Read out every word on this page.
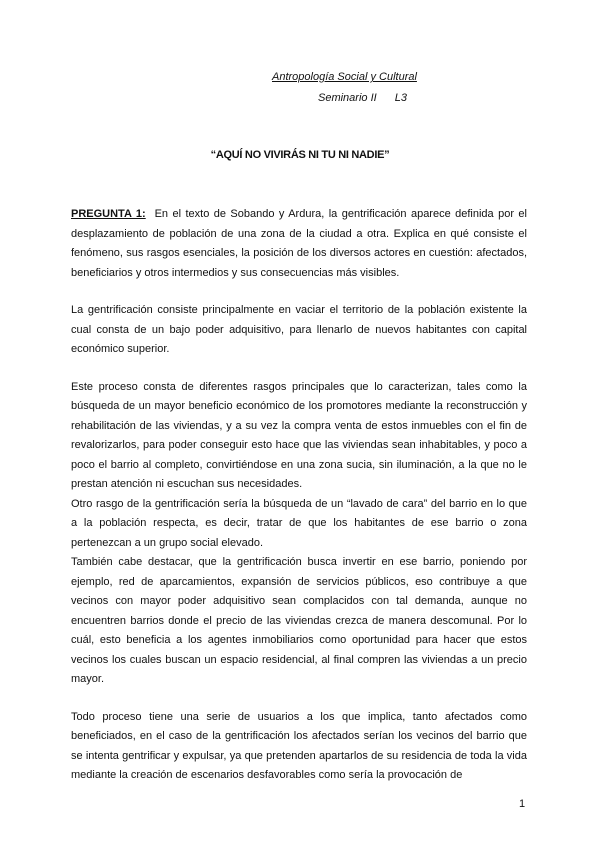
Antropología Social y Cultural
Seminario II L3
“AQUÍ NO VIVIRÁS NI TU NI NADIE”

PREGUNTA 1: En el texto de Sobando y Ardura, la gentrificación aparece definida por el desplazamiento de población de una zona de la ciudad a otra. Explica en qué consiste el fenómeno, sus rasgos esenciales, la posición de los diversos actores en cuestión: afectados, beneficiarios y otros intermedios y sus consecuencias más visibles.

La gentrificación consiste principalmente en vaciar el territorio de la población existente la cual consta de un bajo poder adquisitivo, para llenarlo de nuevos habitantes con capital económico superior.

Este proceso consta de diferentes rasgos principales que lo caracterizan, tales como la búsqueda de un mayor beneficio económico de los promotores mediante la reconstrucción y rehabilitación de las viviendas, y a su vez la compra venta de estos inmuebles con el fin de revalorizarlos, para poder conseguir esto hace que las viviendas sean inhabitables, y poco a poco el barrio al completo, convirtiéndose en una zona sucia, sin iluminación, a la que no le prestan atención ni escuchan sus necesidades.

Otro rasgo de la gentrificación sería la búsqueda de un “lavado de cara” del barrio en lo que a la población respecta, es decir, tratar de que los habitantes de ese barrio o zona pertenezcan a un grupo social elevado.

También cabe destacar, que la gentrificación busca invertir en ese barrio, poniendo por ejemplo, red de aparcamientos, expansión de servicios públicos, eso contribuye a que vecinos con mayor poder adquisitivo sean complacidos con tal demanda, aunque no encuentren barrios donde el precio de las viviendas crezca de manera descomunal. Por lo cuál, esto beneficia a los agentes inmobiliarios como oportunidad para hacer que estos vecinos los cuales buscan un espacio residencial, al final compren las viviendas a un precio mayor.

Todo proceso tiene una serie de usuarios a los que implica, tanto afectados como beneficiados, en el caso de la gentrificación los afectados serían los vecinos del barrio que se intenta gentrificar y expulsar, ya que pretenden apartarlos de su residencia de toda la vida mediante la creación de escenarios desfavorables como sería la provocación de

1
